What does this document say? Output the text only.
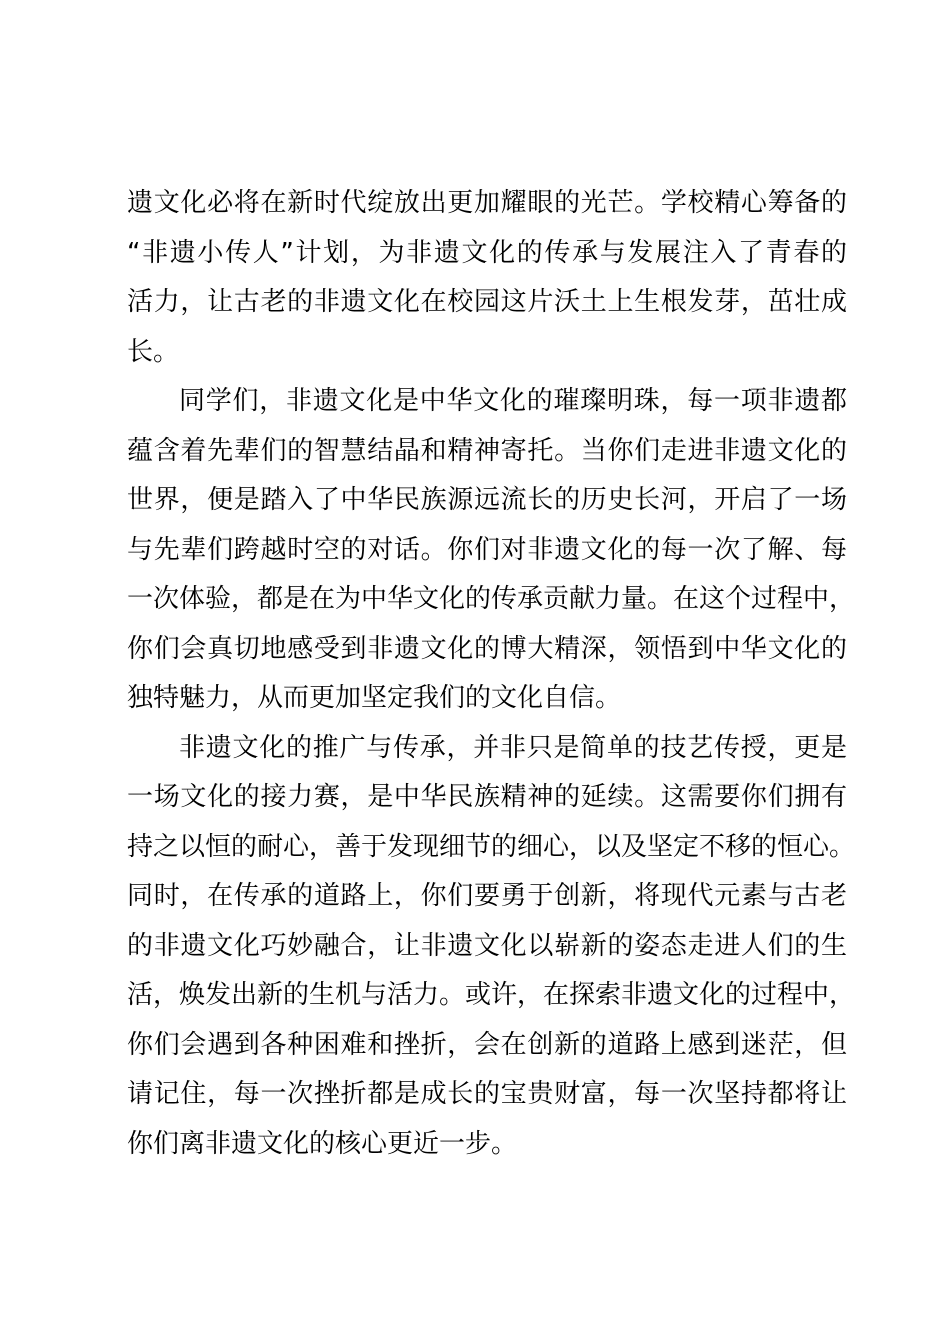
遗文化必将在新时代绽放出更加耀眼的光芒。学校精心筹备的
“非遗小传人”计划，为非遗文化的传承与发展注入了青春的
活力，让古老的非遗文化在校园这片沃土上生根发芽，茁壮成
长。
同学们，非遗文化是中华文化的璀璨明珠，每一项非遗都
蕴含着先辈们的智慧结晶和精神寄托。当你们走进非遗文化的
世界，便是踏入了中华民族源远流长的历史长河，开启了一场
与先辈们跨越时空的对话。你们对非遗文化的每一次了解、每
一次体验，都是在为中华文化的传承贡献力量。在这个过程中，
你们会真切地感受到非遗文化的博大精深，领悟到中华文化的
独特魅力，从而更加坚定我们的文化自信。
非遗文化的推广与传承，并非只是简单的技艺传授，更是
一场文化的接力赛，是中华民族精神的延续。这需要你们拥有
持之以恒的耐心，善于发现细节的细心，以及坚定不移的恒心。
同时，在传承的道路上，你们要勇于创新，将现代元素与古老
的非遗文化巧妙融合，让非遗文化以崭新的姿态走进人们的生
活，焕发出新的生机与活力。或许，在探索非遗文化的过程中，
你们会遇到各种困难和挫折，会在创新的道路上感到迷茫，但
请记住，每一次挫折都是成长的宝贵财富，每一次坚持都将让
你们离非遗文化的核心更近一步。
